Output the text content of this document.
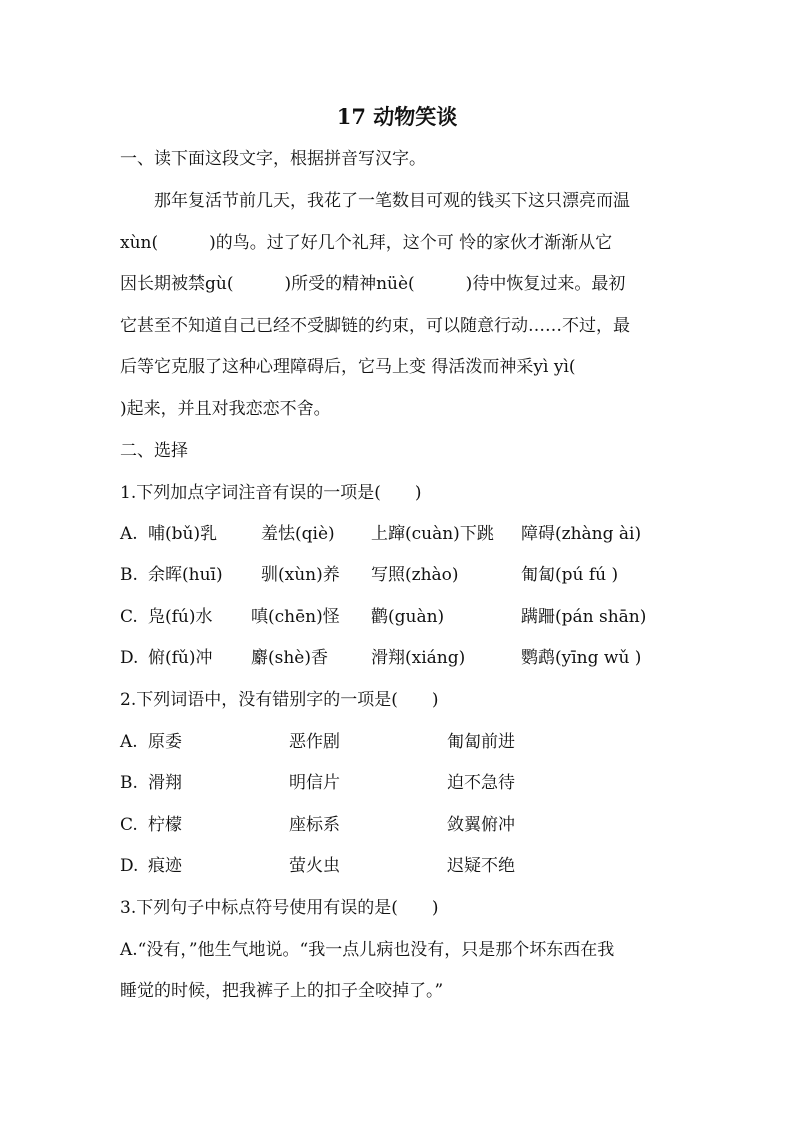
17 动物笑谈
一、读下面这段文字，根据拼音写汉字。
　　那年复活节前几天，我花了一笔数目可观的钱买下这只漂亮而温
xùn(　　　)的鸟。过了好几个礼拜，这个可 怜的家伙才渐渐从它
因长期被禁gù(　　　)所受的精神nüè(　　　)待中恢复过来。最初
它甚至不知道自己已经不受脚链的约束，可以随意行动……不过，最
后等它克服了这种心理障碍后，它马上变 得活泼而神采yì yì(
)起来，并且对我恋恋不舍。
二、选择
1.下列加点字词注音有误的一项是(　　)
A. 哺(bǔ)乳	羞怯(qiè) 上蹿(cuàn)下跳 障碍(zhàng ài)
B. 余晖(huī) 驯(xùn)养 写照(zhào)	匍匐(pú fú )
C. 凫(fú)水 嗔(chēn)怪 鹳(guàn)	蹒跚(pán shān)
D. 俯(fǔ)冲 麝(shè)香	滑翔(xiáng)	鹦鹉(yīng wǔ )
2.下列词语中，没有错别字的一项是(　　)
A. 原委	恶作剧	匍匐前进
B. 滑翔	明信片	迫不急待
C. 柠檬	座标系	敛翼俯冲
D. 痕迹	萤火虫	迟疑不绝
3.下列句子中标点符号使用有误的是(　　)
A.“没有，”他生气地说。“我一点儿病也没有，只是那个坏东西在我
睡觉的时候，把我裤子上的扣子全咬掉了。”
